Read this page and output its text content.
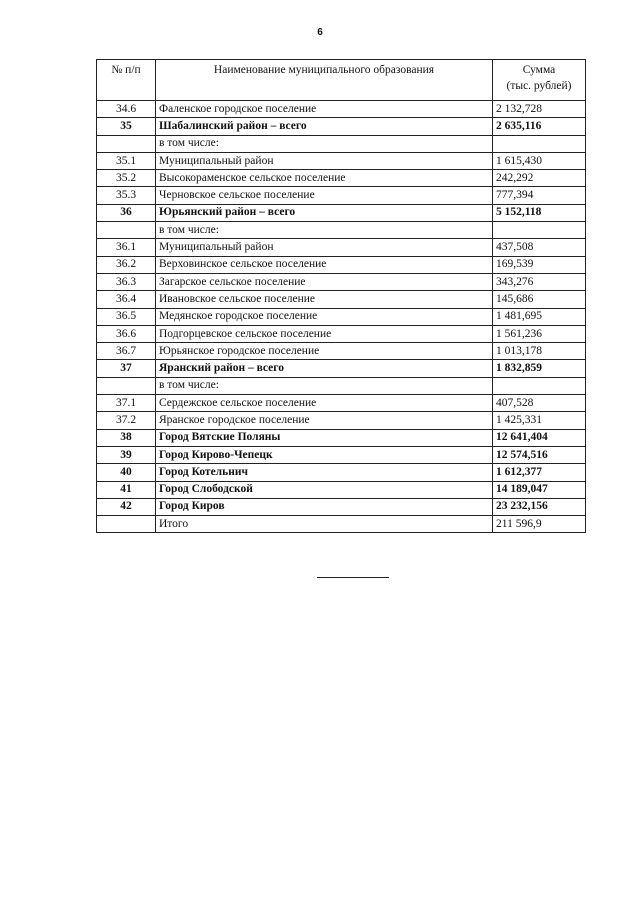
6
№ п/п	Наименование муниципального образования	Сумма
(тыс. рублей)

34.6	Фаленское городское поселение	2 132,728
35	Шабалинский район – всего	2 635,116
	в том числе:	
35.1	Муниципальный район	1 615,430
35.2	Высокораменское сельское поселение	242,292
35.3	Черновское сельское поселение	777,394
36	Юрьянский район – всего	5 152,118
	в том числе:	
36.1	Муниципальный район	437,508
36.2	Верховинское сельское поселение	169,539
36.3	Загарское сельское поселение	343,276
36.4	Ивановское сельское поселение	145,686
36.5	Медянское городское поселение	1 481,695
36.6	Подгорцевское сельское поселение	1 561,236
36.7	Юрьянское городское поселение	1 013,178
37	Яранский район – всего	1 832,859
	в том числе:	
37.1	Сердежское сельское поселение	407,528
37.2	Яранское городское поселение	1 425,331
38	Город Вятские Поляны	12 641,404
39	Город Кирово-Чепецк	12 574,516
40	Город Котельнич	1 612,377
41	Город Слободской	14 189,047
42	Город Киров	23 232,156
	Итого	211 596,9
